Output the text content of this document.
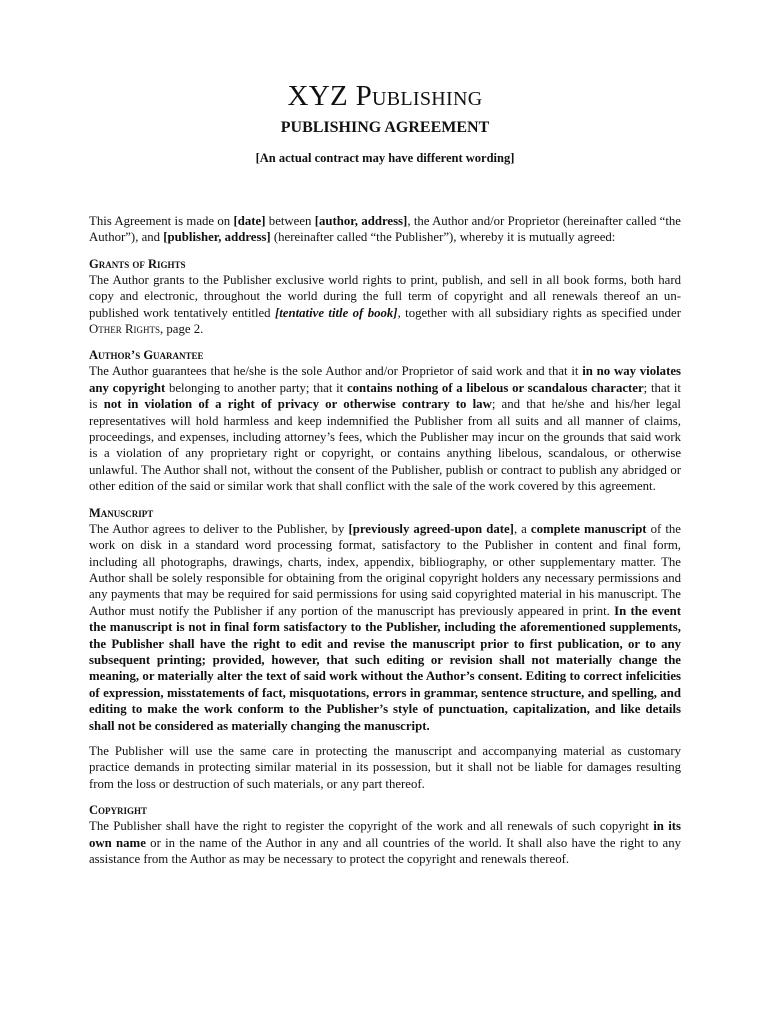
XYZ Publishing
PUBLISHING AGREEMENT
[An actual contract may have different wording]

This Agreement is made on [date] between [author, address], the Author and/or Proprietor (hereinafter called “the Author”), and [publisher, address] (hereinafter called “the Publisher”), whereby it is mutually agreed:

Grants of Rights

The Author grants to the Publisher exclusive world rights to print, publish, and sell in all book forms, both hard copy and electronic, throughout the world during the full term of copyright and all renewals thereof an un-published work tentatively entitled [tentative title of book], together with all subsidiary rights as specified under Other Rights, page 2.

Author’s Guarantee

The Author guarantees that he/she is the sole Author and/or Proprietor of said work and that it in no way violates any copyright belonging to another party; that it contains nothing of a libelous or scandalous character; that it is not in violation of a right of privacy or otherwise contrary to law; and that he/she and his/her legal representatives will hold harmless and keep indemnified the Publisher from all suits and all manner of claims, proceedings, and expenses, including attorney’s fees, which the Publisher may incur on the grounds that said work is a violation of any proprietary right or copyright, or contains anything libelous, scandalous, or otherwise unlawful. The Author shall not, without the consent of the Publisher, publish or contract to publish any abridged or other edition of the said or similar work that shall conflict with the sale of the work covered by this agreement.

Manuscript

The Author agrees to deliver to the Publisher, by [previously agreed-upon date], a complete manuscript of the work on disk in a standard word processing format, satisfactory to the Publisher in content and final form, including all photographs, drawings, charts, index, appendix, bibliography, or other supplementary matter. The Author shall be solely responsible for obtaining from the original copyright holders any necessary permissions and any payments that may be required for said permissions for using said copyrighted material in his manuscript. The Author must notify the Publisher if any portion of the manuscript has previously appeared in print. In the event the manuscript is not in final form satisfactory to the Publisher, including the aforementioned supplements, the Publisher shall have the right to edit and revise the manuscript prior to first publication, or to any subsequent printing; provided, however, that such editing or revision shall not materially change the meaning, or materially alter the text of said work without the Author’s consent. Editing to correct infelicities of expression, misstatements of fact, misquotations, errors in grammar, sentence structure, and spelling, and editing to make the work conform to the Publisher’s style of punctuation, capitalization, and like details shall not be considered as materially changing the manuscript.

The Publisher will use the same care in protecting the manuscript and accompanying material as customary practice demands in protecting similar material in its possession, but it shall not be liable for damages resulting from the loss or destruction of such materials, or any part thereof.

Copyright

The Publisher shall have the right to register the copyright of the work and all renewals of such copyright in its own name or in the name of the Author in any and all countries of the world. It shall also have the right to any assistance from the Author as may be necessary to protect the copyright and renewals thereof.
